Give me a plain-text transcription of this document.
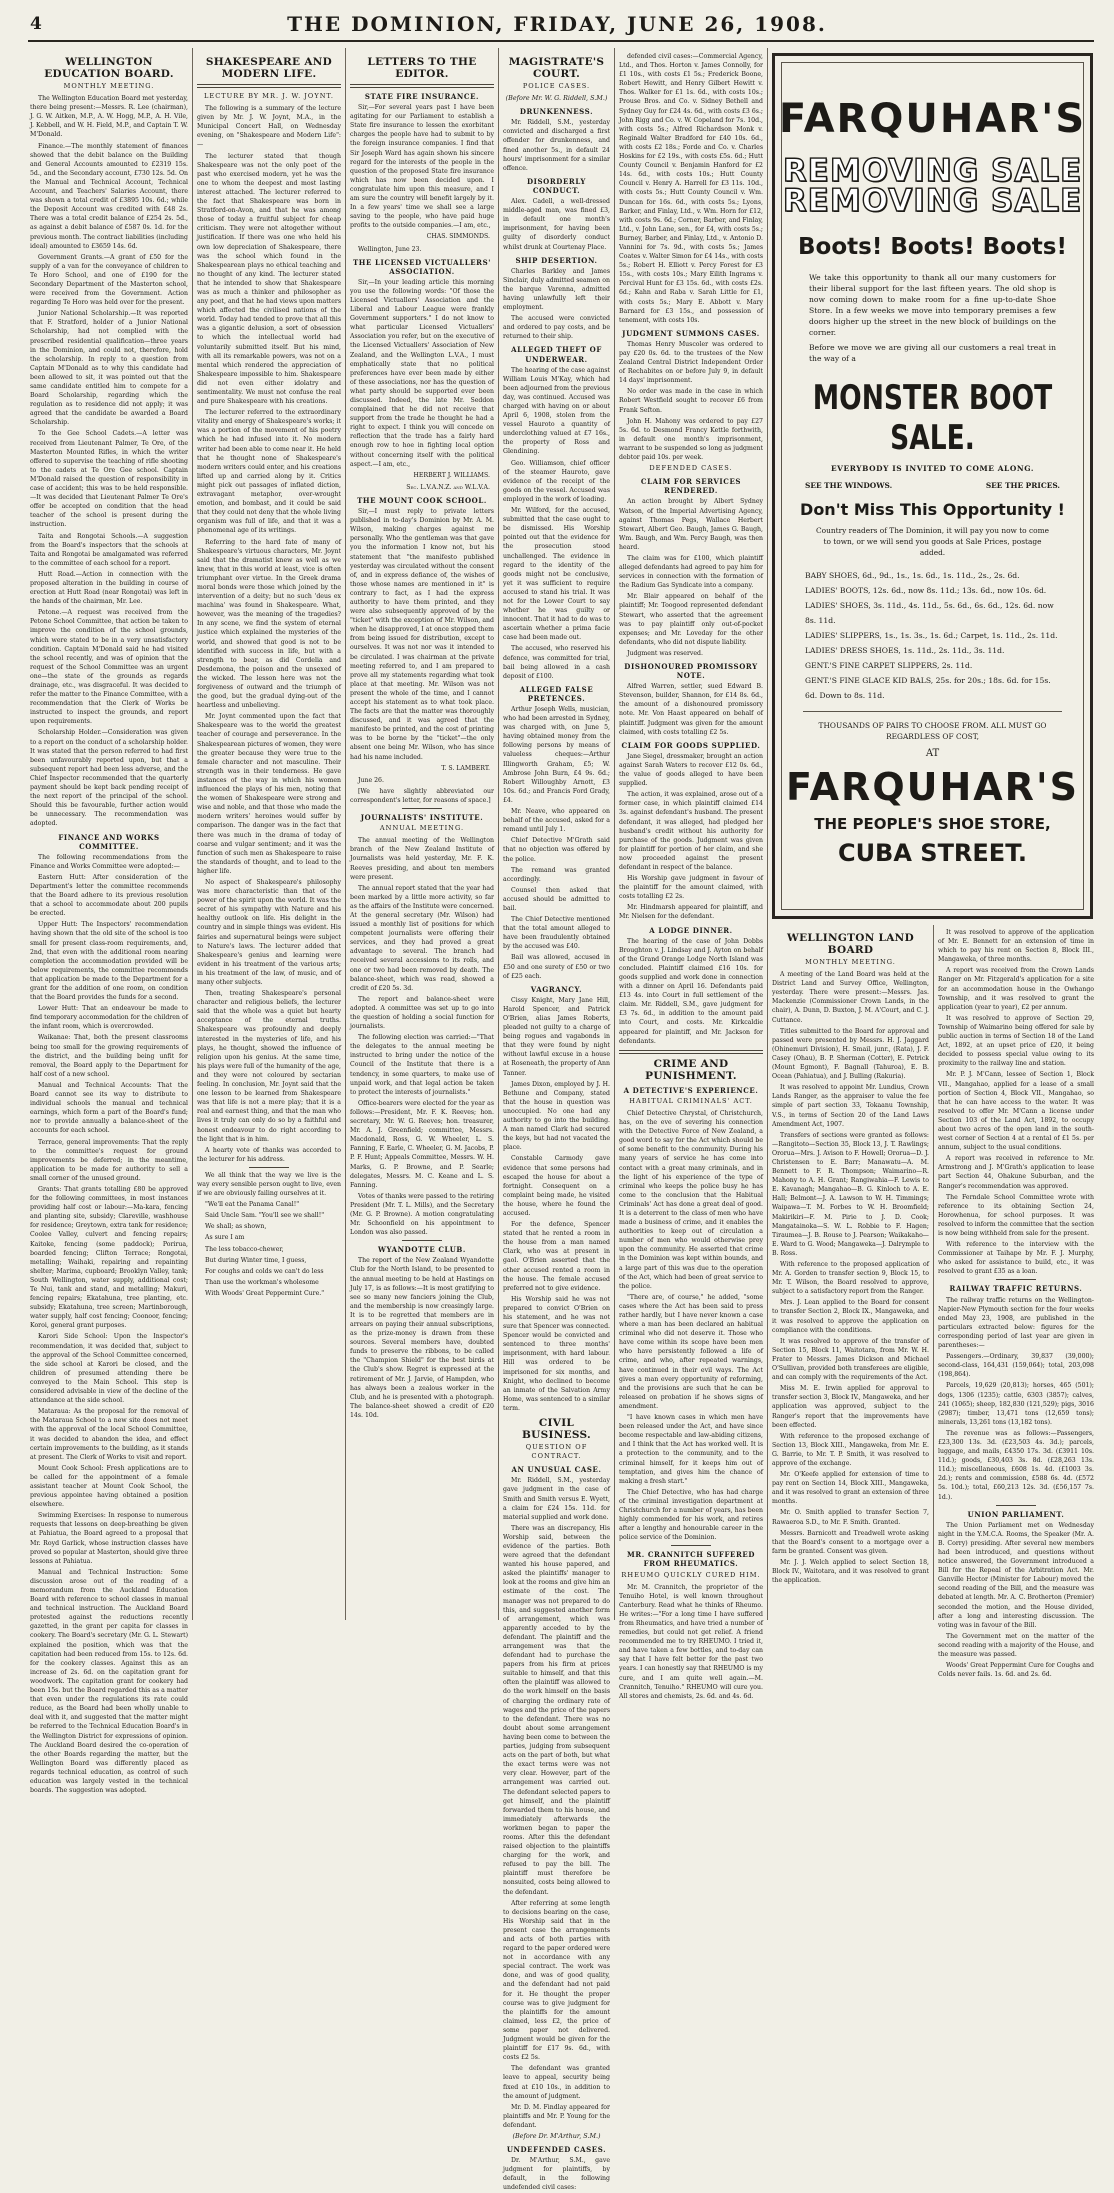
4	THE DOMINION, FRIDAY, JUNE 26, 1908.
WELLINGTON EDUCATION BOARD.
MONTHLY MEETING.

The Wellington Education Board met yesterday, there being present:—Messrs. R. Lee (chairman), J. G. W. Aitken, M.P., A. W. Hogg, M.P., A. H. Vile, J. Kebbell, and W. H. Field, M.P., and Captain T. W. M'Donald.

Finance.—The monthly statement of finances showed that the debit balance on the Building and General Accounts amounted to £2319 15s. 5d., and the Secondary account, £730 12s. 5d. On the Manual and Technical Account, Technical Account, and Teachers' Salaries Account, there was shown a total credit of £3895 10s. 6d.; while the Deposit Account was credited with £48 2s. There was a total credit balance of £254 2s. 5d., as against a debit balance of £587 0s. 1d. for the previous month. The contract liabilities (including ideal) amounted to £3659 14s. 6d.

Government Grants.—A grant of £50 for the supply of a van for the conveyance of children to Te Horo School, and one of £190 for the Secondary Department of the Masterton school, were received from the Government. Action regarding Te Horo was held over for the present.

Junior National Scholarship.—It was reported that F. Stratford, holder of a Junior National Scholarship, had not complied with the prescribed residential qualification—three years in the Dominion, and could not, therefore, hold the scholarship. In reply to a question from Captain M'Donald as to why this candidate had been allowed to sit, it was pointed out that the same candidate entitled him to compete for a Board Scholarship, regarding which the regulation as to residence did not apply; it was agreed that the candidate be awarded a Board Scholarship.

To the Gee School Cadets.—A letter was received from Lieutenant Palmer, Te Ore, of the Masterton Mounted Rifles, in which the writer offered to supervise the teaching of rifle shooting to the cadets at Te Ore Gee school. Captain M'Donald raised the question of responsibility in case of accident; this was to be held responsible.—It was decided that Lieutenant Palmer Te Ore's offer be accepted on condition that the head teacher of the school is present during the instruction.

Taita and Rongotai Schools.—A suggestion from the Board's inspectors that the schools at Taita and Rongotai be amalgamated was referred to the committee of each school for a report.

Hutt Road.—Action in connection with the proposed alteration in the building in course of erection at Hutt Road (near Rongotai) was left in the hands of the chairman, Mr. Lee.

Petone.—A request was received from the Petone School Committee, that action be taken to improve the condition of the school grounds, which were stated to be in a very unsatisfactory condition. Captain M'Donald said he had visited the school recently, and was of opinion that the request of the School Committee was an urgent one—the state of the grounds as regards drainage, etc., was disgraceful. It was decided to refer the matter to the Finance Committee, with a recommendation that the Clerk of Works be instructed to inspect the grounds, and report upon requirements.

Scholarship Holder.—Consideration was given to a report on the conduct of a scholarship holder. It was stated that the person referred to had first been unfavourably reported upon, but that a subsequent report had been less adverse, and the Chief Inspector recommended that the quarterly payment should be kept back pending receipt of the next report of the principal of the school. Should this be favourable, further action would be unnecessary. The recommendation was adopted.

FINANCE AND WORKS COMMITTEE.

The following recommendations from the Finance and Works Committee were adopted:—

Eastern Hutt: After consideration of the Department's letter the committee recommends that the Board adhere to its previous resolution that a school to accommodate about 200 pupils be erected.

Upper Hutt: The Inspectors' recommendation having shown that the old site of the school is too small for present class-room requirements, and, 2nd, that even with the additional room nearing completion the accommodation provided will be below requirements, the committee recommends that application be made to the Department for a grant for the addition of one room, on condition that the Board provides the funds for a second.

Lower Hutt: That an endeavour be made to find temporary accommodation for the children of the infant room, which is overcrowded.

Waikanae: That, both the present classrooms being too small for the growing requirements of the district, and the building being unfit for removal, the Board apply to the Department for half cost of a new school.

Manual and Technical Accounts: That the Board cannot see its way to distribute to individual schools the manual and technical earnings, which form a part of the Board's fund; nor to provide annually a balance-sheet of the accounts for each school.

Terrace, general improvements: That the reply to the committee's request for ground improvements be deferred; in the meantime, application to be made for authority to sell a small corner of the unused ground.

Grants: That grants totalling £80 be approved for the following committees, in most instances providing half cost or labour:—Ma-kara, fencing and planting site, subsidy; Clareville, washhouse for residence; Greytown, extra tank for residence; Coolee Valley, culvert and fencing repairs; Kaitoke, fencing (some paddock); Porirua, boarded fencing; Clifton Terrace; Rongotai, metalling; Waihaki, repairing and repainting shelter; Marima, cupboard; Brooklyn Valley, tank; South Wellington, water supply, additional cost; Te Nui, tank and stand, and metalling; Makuri, fencing repairs; Ekatahuna, tree planting, etc. subsidy; Ekatahuna, tree screen; Martinborough, water supply, half cost fencing; Coonoor, fencing; Koroi, general grant purposes.

Karori Side School: Upon the Inspector's recommendation, it was decided that, subject to the approval of the School Committee concerned, the side school at Karori be closed, and the children of presumed attending there be conveyed to the Main School. This step is considered advisable in view of the decline of the attendance at the side school.

Mataraua: As the proposal for the removal of the Mataraua School to a new site does not meet with the approval of the local School Committee, it was decided to abandon the idea, and effect certain improvements to the building, as it stands at present. The Clerk of Works to visit and report.

Mount Cook School: Fresh applications are to be called for the appointment of a female assistant teacher at Mount Cook School, the previous appointee having obtained a position elsewhere.

Swimming Exercises: In response to numerous requests that lessons on deep-breathing be given at Pahiatua, the Board agreed to a proposal that Mr. Royd Garlick, whose instruction classes have proved so popular at Masterton, should give three lessons at Pahiatua.

Manual and Technical Instruction: Some discussion arose out of the reading of a memorandum from the Auckland Education Board with reference to school classes in manual and technical instruction. The Auckland Board protested against the reductions recently gazetted, in the grant per capita for classes in cookery. The Board's secretary (Mr. G. L. Stewart) explained the position, which was that the capitation had been reduced from 15s. to 12s. 6d. for the cookery classes. Against this as an increase of 2s. 6d. on the capitation grant for woodwork. The capitation grant for cookery had been 15s. but the Board regarded this as a matter that even under the regulations its rate could reduce, as the Board had been wholly unable to deal with it, and suggested that the matter might be referred to the Technical Education Board's in the Wellington District for expressions of opinion. The Auckland Board desired the co-operation of the other Boards regarding the matter, but the Wellington Board was differently placed as regards technical education, as control of such education was largely vested in the technical boards. The suggestion was adopted.

SHAKESPEARE AND MODERN LIFE.
LECTURE BY MR. J. W. JOYNT.

The following is a summary of the lecture given by Mr. J. W. Joynt, M.A., in the Municipal Concert Hall, on Wednesday evening, on "Shakespeare and Modern Life":—

The lecturer stated that though Shakespeare was not the only poet of the past who exercised modern, yet he was the one to whom the deepest and most lasting interest attached. The lecturer referred to the fact that Shakespeare was born in Stratford-on-Avon, and that he was among those of today a fruitful subject for cheap criticism. They were not altogether without justification. If there was one who held his own low depreciation of Shakespeare, there was the school which found in the Shakespearean plays no ethical teaching and no thought of any kind. The lecturer stated that he intended to show that Shakespeare was as much a thinker and philosopher as any poet, and that he had views upon matters which affected the civilised nations of the world. Today had tended to prove that all this was a gigantic delusion, a sort of obsession to which the intellectual world had voluntarily submitted itself. But his mind, with all its remarkable powers, was not on a mental which rendered the appreciation of Shakespeare impossible to him. Shakespeare did not even either idolatry and sentimentality. We must not confuse the real and pure Shakespeare with his creations.

The lecturer referred to the extraordinary vitality and energy of Shakespeare's works; it was a portion of the movement of his poetry which he had infused into it. No modern writer had been able to come near it. He held that he thought none of Shakespeare's modern writers could enter, and his creations lifted up and carried along by it. Critics might pick out passages of inflated diction, extravagant metaphor, over-wrought emotion, and bombast, and it could be said that they could not deny that the whole living organism was full of life, and that it was a phenomenal age of its writings.

Referring to the hard fate of many of Shakespeare's virtuous characters, Mr. Joynt said that the dramatist knew as well as we knew, that in this world at least, vice is often triumphant over virtue. In the Greek drama moral bonds were those which joined by the intervention of a deity; but no such 'deus ex machina' was found in Shakespeare. What, however, was the meaning of the tragedies? In any scene, we find the system of eternal justice which explained the mysteries of the world, and showed that good is not to be identified with success in life, but with a strength to bear, as did Cordelia and Desdemona, the poison and the unsexed of the wicked. The lesson here was not the forgiveness of outward and the triumph of the good, but the gradual dying-out of the heartless and unbelieving.

Mr. Joynt commented upon the fact that Shakespeare was to the world the greatest teacher of courage and perseverance. In the Shakespearean pictures of women, they were the greater because they were true to the female character and not masculine. Their strength was in their tenderness. He gave instances of the way in which his women influenced the plays of his men, noting that the women of Shakespeare were strong and wise and noble, and that those who made the modern writers' heroines would suffer by comparison. The danger was in the fact that there was much in the drama of today of coarse and vulgar sentiment; and it was the function of such men as Shakespeare to raise the standards of thought, and to lead to the higher life.

No aspect of Shakespeare's philosophy was more characteristic than that of the power of the spirit upon the world. It was the secret of his sympathy with Nature and his healthy outlook on life. His delight in the country and in simple things was evident. His fairies and supernatural beings were subject to Nature's laws. The lecturer added that Shakespeare's genius and learning were evident in his treatment of the various arts; in his treatment of the law, of music, and of many other subjects.

Then, treating Shakespeare's personal character and religious beliefs, the lecturer said that the whole was a quiet but hearty acceptance of the eternal truths. Shakespeare was profoundly and deeply interested in the mysteries of life, and his plays, he thought, showed the influence of religion upon his genius. At the same time, his plays were full of the humanity of the age, and they were not coloured by sectarian feeling. In conclusion, Mr. Joynt said that the one lesson to be learned from Shakespeare was that life is not a mere play; that it is a real and earnest thing, and that the man who lives it truly can only do so by a faithful and honest endeavour to do right according to the light that is in him.

A hearty vote of thanks was accorded to the lecturer for his address.

We all think that the way we live is the way every sensible person ought to live, even if we are obviously failing ourselves at it.

"We'll eat the Panama Canal!"

Said Uncle Sam. "You'll see we shall!"

We shall; as shown,

As sure I am

The less tobacco-chewer,

But during Winter time, I guess,

For coughs and colds we can't do less

Than use the workman's wholesome

With Woods' Great Peppermint Cure."

LETTERS TO THE EDITOR.
STATE FIRE INSURANCE.

Sir,—For several years past I have been agitating for our Parliament to establish a State fire insurance to lessen the exorbitant charges the people have had to submit to by the foreign insurance companies. I find that Sir Joseph Ward has again shown his sincere regard for the interests of the people in the question of the proposed State fire insurance which has now been decided upon. I congratulate him upon this measure, and I am sure the country will benefit largely by it. In a few years' time we shall see a large saving to the people, who have paid huge profits to the outside companies.—I am, etc.,

CHAS. SIMMONDS.

Wellington, June 23.

THE LICENSED VICTUALLERS' ASSOCIATION.

Sir,—In your leading article this morning you use the following words: "Of those the Licensed Victuallers' Association and the Liberal and Labour League were frankly Government supporters." I do not know to what particular Licensed Victuallers' Association you refer, but on the executive of the Licensed Victuallers' Association of New Zealand, and the Wellington L.V.A., I must emphatically state that no political preferences have ever been made by either of these associations, nor has the question of what party should be supported ever been discussed. Indeed, the late Mr. Seddon complained that he did not receive that support from the trade he thought he had a right to expect. I think you will concede on reflection that the trade has a fairly hard enough row to hoe in fighting local option without concerning itself with the political aspect.—I am, etc.,

HERBERT J. WILLIAMS.
Sec. L.V.A.N.Z. and W.L.V.A.
THE MOUNT COOK SCHOOL.

Sir,—I must reply to private letters published in to-day's Dominion by Mr. A. M. Wilson, making charges against me personally. Who the gentleman was that gave you the information I know not, but his statement that "the manifesto published yesterday was circulated without the consent of, and in express defiance of, the wishes of those whose names are mentioned in it" is contrary to fact, as I had the express authority to have them printed, and they were also subsequently approved of by the "ticket" with the exception of Mr. Wilson, and when he disapproved, I at once stopped them from being issued for distribution, except to ourselves. It was not nor was it intended to be circulated. I was chairman at the private meeting referred to, and I am prepared to prove all my statements regarding what took place at that meeting. Mr. Wilson was not present the whole of the time, and I cannot accept his statement as to what took place. The facts are that the matter was thoroughly discussed, and it was agreed that the manifesto be printed, and the cost of printing was to be borne by the "ticket"—the only absent one being Mr. Wilson, who has since had his name included.

T. S. LAMBERT.

June 26.

[We have slightly abbreviated our correspondent's letter, for reasons of space.]

JOURNALISTS' INSTITUTE.
ANNUAL MEETING.

The annual meeting of the Wellington branch of the New Zealand Institute of Journalists was held yesterday, Mr. F. K. Reeves presiding, and about ten members were present.

The annual report stated that the year had been marked by a little more activity, so far as the affairs of the Institute were concerned. At the general secretary (Mr. Wilson) had issued a monthly list of positions for which competent journalists were offering their services, and they had proved a great advantage to several. The branch had received several accessions to its rolls, and one or two had been removed by death. The balance-sheet, which was read, showed a credit of £20 5s. 3d.

The report and balance-sheet were adopted. A committee was set up to go into the question of holding a social function for journalists.

The following election was carried:—"That the delegates to the annual meeting be instructed to bring under the notice of the Council of the Institute that there is a tendency, in some quarters, to make use of unpaid work, and that legal action be taken to protect the interests of journalists."

Office-bearers were elected for the year as follows:—President, Mr. F. K. Reeves; hon. secretary, Mr. W. G. Reeves; hon. treasurer, Mr. A. J. Greenfield; committee, Messrs. Macdonald, Ross, G. W. Wheeler, L. S. Fanning, F. Earle, C. Wheeler, G. M. Jacobs, P. P. F. Hunt; Appeals Committee, Messrs. W. H. Marks, G. P. Browne, and P. Searle; delegates, Messrs. M. C. Keane and L. S. Fanning.

Votes of thanks were passed to the retiring President (Mr. T. L. Mills), and the Secretary (Mr. G. P. Browne). A motion congratulating Mr. Schoonfield on his appointment to London was also passed.

WYANDOTTE CLUB.

The report of the New Zealand Wyandotte Club for the North Island, to be presented to the annual meeting to be held at Hastings on July 17, is as follows:—It is most gratifying to see so many new fanciers joining the Club, and the membership is now creasingly large. It is to be regretted that members are in arrears on paying their annual subscriptions, as the prize-money is drawn from these sources. Several members have, doubted funds to preserve the ribbons, to be called the "Champion Shield" for the best birds at the Club's show. Regret is expressed at the retirement of Mr. J. Jarvie, of Hampden, who has always been a zealous worker in the Club, and he is presented with a photograph. The balance-sheet showed a credit of £20 14s. 10d.

MAGISTRATE'S COURT.
POLICE CASES.
(Before Mr. W. G. Riddell, S.M.)
DRUNKENNESS.

Mr. Riddell, S.M., yesterday convicted and discharged a first offender for drunkenness, and fined another 5s., in default 24 hours' imprisonment for a similar offence.

DISORDERLY CONDUCT.

Alex. Cadell, a well-dressed middle-aged man, was fined £3, in default one month's imprisonment, for having been guilty of disorderly conduct whilst drunk at Courtenay Place.

SHIP DESERTION.

Charles Barkley and James Sinclair, duly admitted seamen on the barque Varenna, admitted having unlawfully left their employment.

The accused were convicted and ordered to pay costs, and be returned to their ship.

ALLEGED THEFT OF UNDERWEAR.

The hearing of the case against William Louis M'Kay, which had been adjourned from the previous day, was continued. Accused was charged with having on or about April 6, 1908, stolen from the vessel Hauroto a quantity of underclothing valued at £7 16s., the property of Ross and Glendining.

Geo. Williamson, chief officer of the steamer Hauroto, gave evidence of the receipt of the goods on the vessel. Accused was employed in the work of loading.

Mr. Wilford, for the accused, submitted that the case ought to be dismissed. His Worship pointed out that the evidence for the prosecution stood unchallenged. The evidence in regard to the identity of the goods might not be conclusive, yet it was sufficient to require accused to stand his trial. It was not for the Lower Court to say whether he was guilty or innocent. That it had to do was to ascertain whether a prima facie case had been made out.

The accused, who reserved his defence, was committed for trial, bail being allowed in a cash deposit of £100.

ALLEGED FALSE PRETENCES.

Arthur Joseph Wells, musician, who had been arrested in Sydney, was charged with, on June 5, having obtained money from the following persons by means of valueless cheques:—Arthur Illingworth Graham, £5; W. Ambrose John Burn, £4 9s. 6d.; Robert Willoughby Arnott, £3 10s. 6d.; and Francis Ford Grady, £4.

Mr. Neave, who appeared on behalf of the accused, asked for a remand until July 1.

Chief Detective M'Grath said that no objection was offered by the police.

The remand was granted accordingly.

Counsel then asked that accused should be admitted to bail.

The Chief Detective mentioned that the total amount alleged to have been fraudulently obtained by the accused was £40.

Bail was allowed, accused in £50 and one surety of £50 or two of £25 each.

VAGRANCY.

Cissy Knight, Mary Jane Hill, Harold Spencer, and Patrick O'Brien, alias James Roberts, pleaded not guilty to a charge of being rogues and vagabonds in that they were found by night without lawful excuse in a house at Roseneath, the property of Ann Tanner.

James Dixon, employed by J. H. Bethune and Company, stated that the house in question was unoccupied. No one had any authority to go into the building. A man named Clark had secured the keys, but had not vacated the place.

Constable Carmody gave evidence that some persons had escaped the house for about a fortnight. Consequent on a complaint being made, he visited the house, where he found the accused.

For the defence, Spencer stated that he rented a room in the house from a man named Clark, who was at present in gaol. O'Brien asserted that the other accused rented a room in the house. The female accused preferred not to give evidence.

His Worship said he was not prepared to convict O'Brien on his statement, and he was not sure that Spencer was connected. Spencer would be convicted and sentenced to three months' imprisonment, with hard labour. Hill was ordered to be imprisoned for six months, and Knight, who declined to become an inmate of the Salvation Army Home, was sentenced to a similar term.

CIVIL BUSINESS.
QUESTION OF CONTRACT.
AN UNUSUAL CASE.

Mr. Riddell, S.M., yesterday gave judgment in the case of Smith and Smith versus E. Wyett, a claim for £24 15s. 11d. for material supplied and work done.

There was an discrepancy, His Worship said, between the evidence of the parties. Both were agreed that the defendant wanted his house papered, and asked the plaintiffs' manager to look at the rooms and give him an estimate of the cost. The manager was not prepared to do this, and suggested another form of arrangement, which was apparently acceded to by the defendant. The plaintiff and the arrangement was that the defendant had to purchase the papers from his firm at prices suitable to himself, and that this often the plaintiff was allowed to do the work himself on the basis of charging the ordinary rate of wages and the price of the papers to the defendant. There was no doubt about some arrangement having been come to between the parties, judging from subsequent acts on the part of both, but what the exact terms were was not very clear. However, part of the arrangement was carried out. The defendant selected papers to get himself, and the plaintiff forwarded them to his house, and immediately afterwards the workmen began to paper the rooms. After this the defendant raised objection to the plaintiffs charging for the work, and refused to pay the bill. The plaintiff must therefore be nonsuited, costs being allowed to the defendant.

After referring at some length to decisions bearing on the case, His Worship said that in the present case the arrangements and acts of both parties with regard to the paper ordered were not in accordance with any special contract. The work was done, and was of good quality, and the defendant had not paid for it. He thought the proper course was to give judgment for the plaintiffs for the amount claimed, less £2, the price of some paper not delivered. Judgment would be given for the plaintiff for £17 9s. 6d., with costs £2 5s.

The defendant was granted leave to appeal, security being fixed at £10 10s., in addition to the amount of judgment.

Mr. D. M. Findlay appeared for plaintiffs and Mr. P. Young for the defendant.

(Before Dr. M'Arthur, S.M.)
UNDEFENDED CASES.

Dr. M'Arthur, S.M., gave judgment for plaintiffs, by default, in the following undefended civil cases:

defended civil cases:—Commercial Agency, Ltd., and Thos. Horton v. James Connolly, for £1 10s., with costs £1 5s.; Frederick Boone, Robert Hewitt, and Henry Gilbert Hewitt v. Thos. Walker for £1 1s. 6d., with costs 10s.; Prouse Bros. and Co. v. Sidney Bethell and Sydney Guy for £24 4s. 6d., with costs £3 6s.; John Rigg and Co. v. W. Copeland for 7s. 10d., with costs 5s.; Alfred Richardson Monk v. Reginald Walter Bradford for £40 10s. 6d., with costs £2 18s.; Forde and Co. v. Charles Hoskins for £2 19s., with costs £5s. 6d.; Hutt County Council v. Benjamin Hanford for £2 14s. 6d., with costs 10s.; Hutt County Council v. Henry A. Harrell for £3 11s. 10d., with costs 5s.; Hutt County Council v. Wm. Duncan for 16s. 6d., with costs 5s.; Lyons, Barker, and Finlay, Ltd., v. Wm. Horn for £12, with costs 9s. 6d.; Corner, Barber, and Finlay, Ltd., v. John Lane, sen., for £4, with costs 5s.; Burney, Barber, and Finlay, Ltd., v. Antonio D. Vannini for 7s. 9d., with costs 5s.; James Coates v. Walter Simon for £4 14s., with costs 5s.; Robert H. Elliott v. Percy Forest for £3 15s., with costs 10s.; Mary Eilith Ingrams v. Percival Hunt for £3 15s. 6d., with costs £2s. 6d.; Kahn and Raba v. Sarah Little for £1, with costs 5s.; Mary E. Abbott v. Mary Barnard for £3 15s., and possession of tenement, with costs 10s.

JUDGMENT SUMMONS CASES.

Thomas Henry Muscoler was ordered to pay £20 0s. 6d. to the trustees of the New Zealand Central District Independent Order of Rechabites on or before July 9, in default 14 days' imprisonment.

No order was made in the case in which Robert Westfield sought to recover £6 from Frank Sefton.

John H. Mahony was ordered to pay £27 5s. 6d. to Desmond Francy Kettle forthwith, in default one month's imprisonment, warrant to be suspended so long as judgment debtor paid 10s. per week.

DEFENDED CASES.
CLAIM FOR SERVICES RENDERED.

An action brought by Albert Sydney Watson, of the Imperial Advertising Agency, against Thomas Pegs, Wallace Herbert Stewart, Albert Geo. Baugh, James G. Baugh, Wm. Baugh, and Wm. Percy Baugh, was then heard.

The claim was for £100, which plaintiff alleged defendants had agreed to pay him for services in connection with the formation of the Radium Gas Syndicate into a company.

Mr. Blair appeared on behalf of the plaintiff; Mr. Toogood represented defendant Stewart, who asserted that the agreement was to pay plaintiff only out-of-pocket expenses; and Mr. Loveday for the other defendants, who did not dispute liability.

Judgment was reserved.

DISHONOURED PROMISSORY NOTE.

Alfred Warren, settler, sued Edward B. Stevenson, builder, Shannon, for £14 8s. 6d., the amount of a dishonoured promissory note. Mr. Von Haast appeared on behalf of plaintiff. Judgment was given for the amount claimed, with costs totalling £2 5s.

CLAIM FOR GOODS SUPPLIED.

Jane Siegel, dressmaker, brought an action against Sarah Waters to recover £12 0s. 6d., the value of goods alleged to have been supplied.

The action, it was explained, arose out of a former case, in which plaintiff claimed £14 3s. against defendant's husband. The present defendant, it was alleged, had pledged her husband's credit without his authority for purchase of the goods. Judgment was given for plaintiff for portion of her claim, and she now proceeded against the present defendant in respect of the balance.

His Worship gave judgment in favour of the plaintiff for the amount claimed, with costs totalling £2 2s.

Mr. Hindmarsh appeared for plaintiff, and Mr. Nielsen for the defendant.

A LODGE DINNER.

The hearing of the case of John Dobbs Broughton v. J. Lindsay and J. Ayton on behalf of the Grand Orange Lodge North Island was concluded. Plaintiff claimed £16 10s. for goods supplied and work done in connection with a dinner on April 16. Defendants paid £13 4s. into Court in full settlement of the claim. Mr. Riddell, S.M., gave judgment for £3 7s. 6d., in addition to the amount paid into Court, and costs. Mr. Kirkcaldie appeared for plaintiff, and Mr. Jackson for defendants.

CRIME AND PUNISHMENT.
A DETECTIVE'S EXPERIENCE.
HABITUAL CRIMINALS' ACT.

Chief Detective Chrystal, of Christchurch, has, on the eve of severing his connection with the Detective Force of New Zealand, a good word to say for the Act which should be of some benefit to the community. During his many years of service he has come into contact with a great many criminals, and in the light of his experience of the type of criminal who keeps the police busy he has come to the conclusion that the Habitual Criminals' Act has done a great deal of good. It is a deterrent to the class of men who have made a business of crime, and it enables the authorities to keep out of circulation a number of men who would otherwise prey upon the community. He asserted that crime in the Dominion was kept within bounds, and a large part of this was due to the operation of the Act, which had been of great service to the police.

"There are, of course," he added, "some cases where the Act has been said to press rather hardly, but I have never known a case where a man has been declared an habitual criminal who did not deserve it. Those who have come within its scope have been men who have persistently followed a life of crime, and who, after repeated warnings, have continued in their evil ways. The Act gives a man every opportunity of reforming, and the provisions are such that he can be released on probation if he shows signs of amendment.

"I have known cases in which men have been released under the Act, and have since become respectable and law-abiding citizens, and I think that the Act has worked well. It is a protection to the community, and to the criminal himself, for it keeps him out of temptation, and gives him the chance of making a fresh start."

The Chief Detective, who has had charge of the criminal investigation department at Christchurch for a number of years, has been highly commended for his work, and retires after a lengthy and honourable career in the police service of the Dominion.

MR. CRANNITCH SUFFERED FROM RHEUMATICS.
RHEUMO QUICKLY CURED HIM.

Mr. M. Crannitch, the proprietor of the Tenuiho Hotel, is well known throughout Canterbury. Read what he thinks of Rheumo. He writes:—"For a long time I have suffered from Rheumatics, and have tried a number of remedies, but could not get relief. A friend recommended me to try RHEUMO. I tried it, and have taken a few bottles, and to-day can say that I have felt better for the past two years. I can honestly say that RHEUMO is my cure, and I am quite well again.—M. Crannitch, Tenuiho." RHEUMO will cure you. All stores and chemists, 2s. 6d. and 4s. 6d.

FARQUHAR'S
REMOVING SALE
REMOVING SALE
Boots! Boots! Boots!
We take this opportunity to thank all our many customers for their liberal support for the last fifteen years. The old shop is now coming down to make room for a fine up-to-date Shoe Store. In a few weeks we move into temporary premises a few doors higher up the street in the new block of buildings on the corner.
Before we move we are giving all our customers a real treat in the way of a
MONSTER BOOT SALE.
EVERYBODY IS INVITED TO COME ALONG.
SEE THE WINDOWS.	SEE THE PRICES.
Don't Miss This Opportunity !
Country readers of The Dominion, it will pay you now to come to town, or we will send you goods at Sale Prices, postage added.
BABY SHOES, 6d., 9d., 1s., 1s. 6d., 1s. 11d., 2s., 2s. 6d.
LADIES' BOOTS, 12s. 6d., now 8s. 11d.; 13s. 6d., now 10s. 6d.
LADIES' SHOES, 3s. 11d., 4s. 11d., 5s. 6d., 6s. 6d., 12s. 6d. now 8s. 11d.
LADIES' SLIPPERS, 1s., 1s. 3s., 1s. 6d.; Carpet, 1s. 11d., 2s. 11d.
LADIES' DRESS SHOES, 1s. 11d., 2s. 11d., 3s. 11d.
GENT.'S FINE CARPET SLIPPERS, 2s. 11d.
GENT.'S FINE GLACE KID BALS, 25s. for 20s.; 18s. 6d. for 15s. 6d. Down to 8s. 11d.
THOUSANDS OF PAIRS TO CHOOSE FROM. ALL MUST GO REGARDLESS OF COST,
AT
FARQUHAR'S
THE PEOPLE'S SHOE STORE,
CUBA STREET.
WELLINGTON LAND BOARD
MONTHLY MEETING.

A meeting of the Land Board was held at the District Land and Survey Office, Wellington, yesterday. There were present:—Messrs. Jas. Mackenzie (Commissioner Crown Lands, in the chair), A. Dunn, D. Buxton, J. M. A'Court, and C. J. Cuttance.

Titles submitted to the Board for approval and passed were presented by Messrs. H. J. Jaggard (Ohinemuri Division), H. Smail, junr., (Rata), J. F. Casey (Ohau), B. P. Sherman (Cotter), E. Petrick (Mount Egmont), F. Bagnall (Tahuroa), E. B. Ocean (Pahiatua), and J. Bulling (Rakuria).

It was resolved to appoint Mr. Lundius, Crown Lands Ranger, as the appraiser to value the fee simple of part section 33, Tokaanu Township, V.S., in terms of Section 20 of the Land Laws Amendment Act, 1907.

Transfers of sections were granted as follows:—Rangitoto—Section 35, Block 13, J. T. Rawlings; Ororua—Mrs. J. Avison to F. Howell; Ororua—D. J. Christensen to E. Barr; Manawatu—A. M. Bennett to F. R. Thompson; Waimarino—R. Mahony to A. H. Grant; Rangiwahia—F. Lewis to E. Kavanagh; Mangahao—B. G. Kinloch to A. E. Hall; Belmont—J. A. Lawson to W. H. Timmings; Waipawa—T. M. Forbes to W. H. Broomfield; Makirikiri—F. M. Pirie to J. D. Cook; Mangatainoka—S. W. L. Robbie to F. Hagen; Tiraumea—J. B. Rouse to J. Pearson; Waikakaho—E. Ward to G. Wood; Mangaweka—J. Dalrymple to B. Ross.

With reference to the proposed application of Mr. A. Gorden to transfer section 9, Block 15, to Mr. T. Wilson, the Board resolved to approve, subject to a satisfactory report from the Ranger.

Mrs. J. Lean applied to the Board for consent to transfer Section 2, Block IX., Mangaweka, and it was resolved to approve the application on compliance with the conditions.

It was resolved to approve of the transfer of Section 15, Block 11, Waitotara, from Mr. W. H. Frater to Messrs. James Dickson and Michael O'Sullivan, provided both transferees are eligible, and can comply with the requirements of the Act.

Miss M. E. Irwin applied for approval to transfer section 3, Block IV., Mangaweka, and her application was approved, subject to the Ranger's report that the improvements have been effected.

With reference to the proposed exchange of Section 13, Block XIII., Mangaweka, from Mr. E. G. Barrie, to Mr. T. P. Smith, it was resolved to approve of the exchange.

Mr. O'Keefe applied for extension of time to pay rent on Section 14, Block XIII., Mangaweka, and it was resolved to grant an extension of three months.

Mr. O. Smith applied to transfer Section 7, Rawaeroa S.D., to Mr. F. Smith. Granted.

Messrs. Barnicott and Treadwell wrote asking that the Board's consent to a mortgage over a farm be granted. Consent was given.

Mr. J. J. Welch applied to select Section 18, Block IV., Waitotara, and it was resolved to grant the application.

It was resolved to approve of the application of Mr. E. Bennett for an extension of time in which to pay his rent on Section 8, Block III., Mangaweka, of three months.

A report was received from the Crown Lands Ranger on Mr. Fitzgerald's application for a site for an accommodation house in the Owhango Township, and it was resolved to grant the application (year to year), £2 per annum.

It was resolved to approve of Section 29, Township of Waimarino being offered for sale by public auction in terms of Section 18 of the Land Act, 1892, at an upset price of £20, it being decided to possess special value owing to its proximity to the railway line and station.

Mr. P. J. M'Cann, lessee of Section 1, Block VII., Mangahao, applied for a lease of a small portion of Section 4, Block VII., Mangahao, so that he can have access to the water. It was resolved to offer Mr. M'Cann a license under Section 103 of the Land Act, 1892, to occupy about two acres of the open land in the south-west corner of Section 4 at a rental of £1 5s. per annum, subject to the usual conditions.

A report was received in reference to Mr. Armstrong and J. M'Grath's application to lease part Section 44, Ohakune Suburban, and the Ranger's recommendation was approved.

The Ferndale School Committee wrote with reference to its obtaining Section 24, Horowhenua, for school purposes. It was resolved to inform the committee that the section is now being withheld from sale for the present.

With reference to the interview with the Commissioner at Taihape by Mr. F. J. Murphy, who asked for assistance to build, etc., it was resolved to grant £35 as a loan.

RAILWAY TRAFFIC RETURNS.

The railway traffic returns on the Wellington-Napier-New Plymouth section for the four weeks ended May 23, 1908, are published in the particulars extracted below: figures for the corresponding period of last year are given in parentheses:—

Passengers.—Ordinary, 39,837 (39,000); second-class, 164,431 (159,064); total, 203,098 (198,864).

Parcels, 19,629 (20,813); horses, 465 (501); dogs, 1306 (1235); cattle, 6303 (3857); calves, 241 (1065); sheep, 182,830 (121,529); pigs, 3016 (2987); timber, 13,471 tons (12,659 tons); minerals, 13,261 tons (13,182 tons).

The revenue was as follows:—Passengers, £23,300 13s. 3d. (£23,503 4s. 3d.); parcels, luggage, and mails, £4350 17s. 3d. (£3911 10s. 11d.); goods, £30,403 3s. 8d. (£28,263 13s. 11d.); miscellaneous, £608 1s. 4d. (£1003 3s. 2d.); rents and commission, £588 6s. 4d. (£572 5s. 10d.); total, £60,213 12s. 3d. (£56,157 7s. 1d.).

UNION PARLIAMENT.

The Union Parliament met on Wednesday night in the Y.M.C.A. Rooms, the Speaker (Mr. A. B. Corry) presiding. After several new members had been introduced, and questions without notice answered, the Government introduced a Bill for the Repeal of the Arbitration Act. Mr. Ganville Hector (Minister for Labour) moved the second reading of the Bill, and the measure was debated at length. Mr. A. C. Brotherton (Premier) seconded the motion, and the House divided, after a long and interesting discussion. The voting was in favour of the Bill.

The Government met on the matter of the second reading with a majority of the House, and the measure was passed.

Woods' Great Peppermint Cure for Coughs and Colds never fails. 1s. 6d. and 2s. 6d.
